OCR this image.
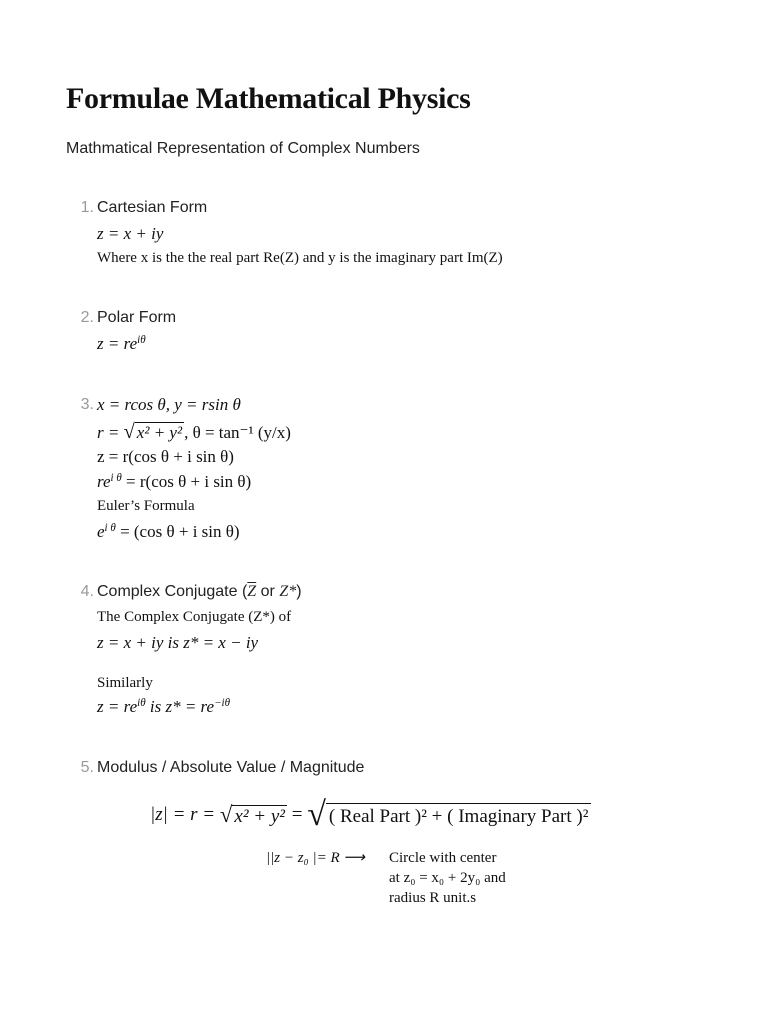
Formulae Mathematical Physics
Mathmatical Representation of Complex Numbers
1. Cartesian Form
z = x + iy
Where x is the the real part Re(Z) and y is the imaginary part Im(Z)
2. Polar Form
$z = re^{i\theta}$
3. x = rcos θ, y = rsin θ
r = √ x² + y² , θ = tan⁻¹ (y/x)
z = r(cos θ + i sin θ)
$re^{i \theta} = r(\cos$ θ + i sin θ)
Euler’s Formula
$e^{i \theta} = (\cos$ θ + i sin θ)
4. Complex Conjugate ($\overline{Z}$ or Z*)
The Complex Conjugate (Z*) of
z = x + iy is z* = x − iy
Similarly
$z = re^{i\theta}$ is $z* = re^{-i\theta}$
5. Modulus / Absolute Value / Magnitude
|z| = r = √ x² + y² = √ ( Real Part )² + ( Imaginary Part )²
||z − z₀ |= R ⟶ Circle with center
at z₀ = x₀ + 2y₀ and
radius R unit.s
